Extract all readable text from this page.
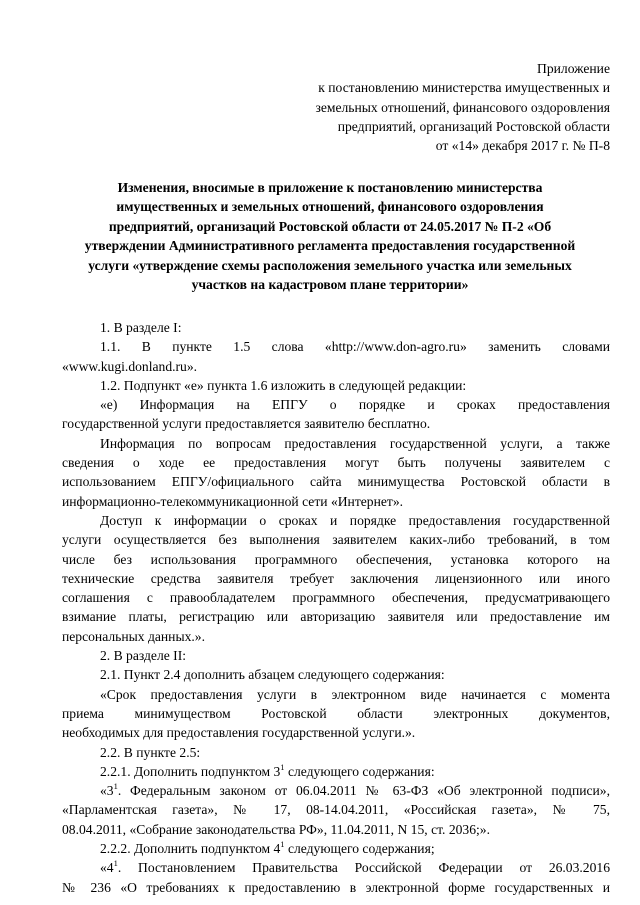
Приложение
к постановлению министерства имущественных и
земельных отношений, финансового оздоровления
предприятий, организаций Ростовской области
от «14» декабря 2017 г. № П-8
Изменения, вносимые в приложение к постановлению министерства
имущественных и земельных отношений, финансового оздоровления
предприятий, организаций Ростовской области от 24.05.2017 № П-2 «Об
утверждении Административного регламента предоставления государственной
услуги «утверждение схемы расположения земельного участка или земельных
участков на кадастровом плане территории»
1. В разделе I:
1.1. В пункте 1.5 слова «http://www.don-agro.ru» заменить словами
«www.kugi.donland.ru».
1.2. Подпункт «е» пункта 1.6 изложить в следующей редакции:
«е) Информация на ЕПГУ о порядке и сроках предоставления
государственной услуги предоставляется заявителю бесплатно.
Информация по вопросам предоставления государственной услуги, а также
сведения о ходе ее предоставления могут быть получены заявителем с
использованием ЕПГУ/официального сайта минимущества Ростовской области в
информационно-телекоммуникационной сети «Интернет».
Доступ к информации о сроках и порядке предоставления государственной
услуги осуществляется без выполнения заявителем каких-либо требований, в том
числе без использования программного обеспечения, установка которого на
технические средства заявителя требует заключения лицензионного или иного
соглашения с правообладателем программного обеспечения, предусматривающего
взимание платы, регистрацию или авторизацию заявителя или предоставление им
персональных данных.».
2. В разделе II:
2.1. Пункт 2.4 дополнить абзацем следующего содержания:
«Срок предоставления услуги в электронном виде начинается с момента
приема минимуществом Ростовской области электронных документов,
необходимых для предоставления государственной услуги.».
2.2. В пункте 2.5:
2.2.1. Дополнить подпунктом $3^1$ следующего содержания:
«$3^1$. Федеральным законом от 06.04.2011 № 63-ФЗ «Об электронной подписи»,
«Парламентская газета», № 17, 08-14.04.2011, «Российская газета», № 75,
08.04.2011, «Собрание законодательства РФ», 11.04.2011, N 15, ст. 2036;».
2.2.2. Дополнить подпунктом $4^1$ следующего содержания;
«$4^1$. Постановлением Правительства Российской Федерации от 26.03.2016
№ 236 «О требованиях к предоставлению в электронной форме государственных и
